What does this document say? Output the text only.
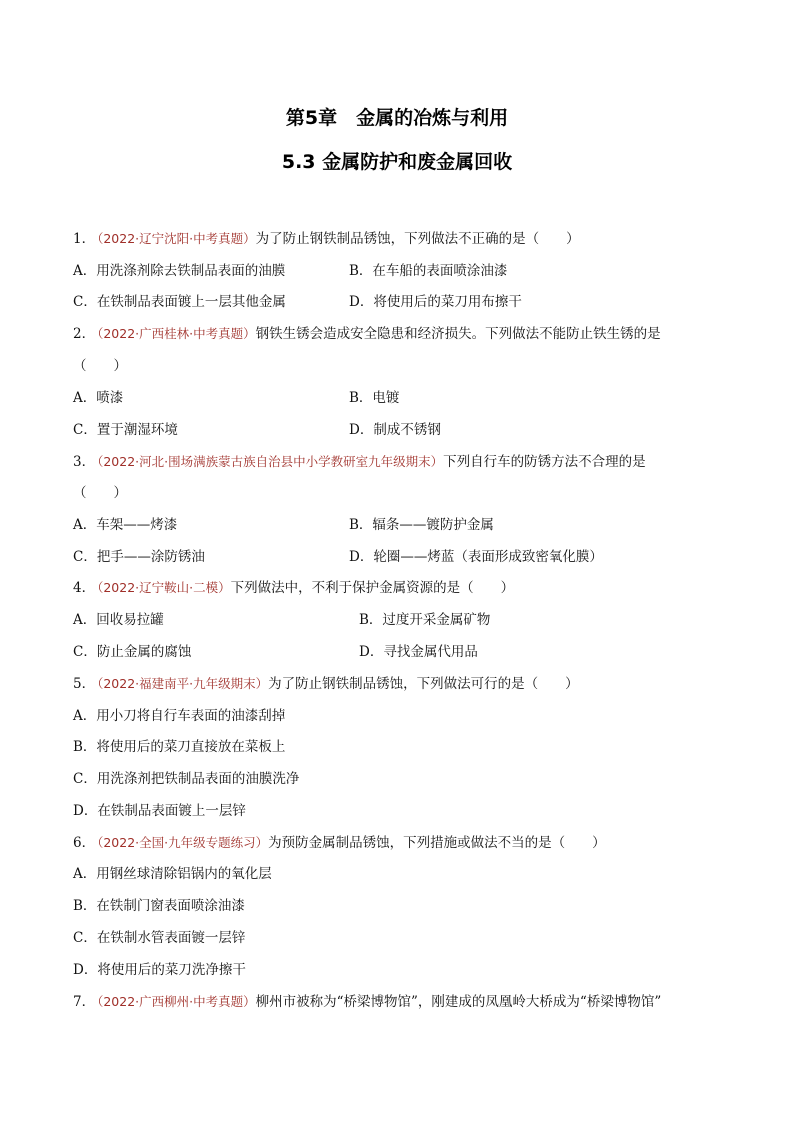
第5章　金属的冶炼与利用
5.3 金属防护和废金属回收
1． （2022·辽宁沈阳·中考真题）为了防止钢铁制品锈蚀，下列做法不正确的是（　　）
A．用洗涤剂除去铁制品表面的油膜	B．在车船的表面喷涂油漆
C．在铁制品表面镀上一层其他金属	D．将使用后的菜刀用布擦干
2． （2022·广西桂林·中考真题）钢铁生锈会造成安全隐患和经济损失。下列做法不能防止铁生锈的是
（　　）
A．喷漆	B．电镀
C．置于潮湿环境	D．制成不锈钢
3． （2022·河北·围场满族蒙古族自治县中小学教研室九年级期末）下列自行车的防锈方法不合理的是
（　　）
A．车架——烤漆	B．辐条——镀防护金属
C．把手——涂防锈油	D．轮圈——烤蓝（表面形成致密氧化膜）
4． （2022·辽宁鞍山·二模）下列做法中，不利于保护金属资源的是（　　）
A．回收易拉罐	B．过度开采金属矿物
C．防止金属的腐蚀	D．寻找金属代用品
5． （2022·福建南平·九年级期末）为了防止钢铁制品锈蚀，下列做法可行的是（　　）
A．用小刀将自行车表面的油漆刮掉
B．将使用后的菜刀直接放在菜板上
C．用洗涤剂把铁制品表面的油膜洗净
D．在铁制品表面镀上一层锌
6． （2022·全国·九年级专题练习）为预防金属制品锈蚀，下列措施或做法不当的是（　　）
A．用钢丝球清除铝锅内的氧化层
B．在铁制门窗表面喷涂油漆
C．在铁制水管表面镀一层锌
D．将使用后的菜刀洗净擦干
7． （2022·广西柳州·中考真题）柳州市被称为“桥梁博物馆”，刚建成的凤凰岭大桥成为“桥梁博物馆”
